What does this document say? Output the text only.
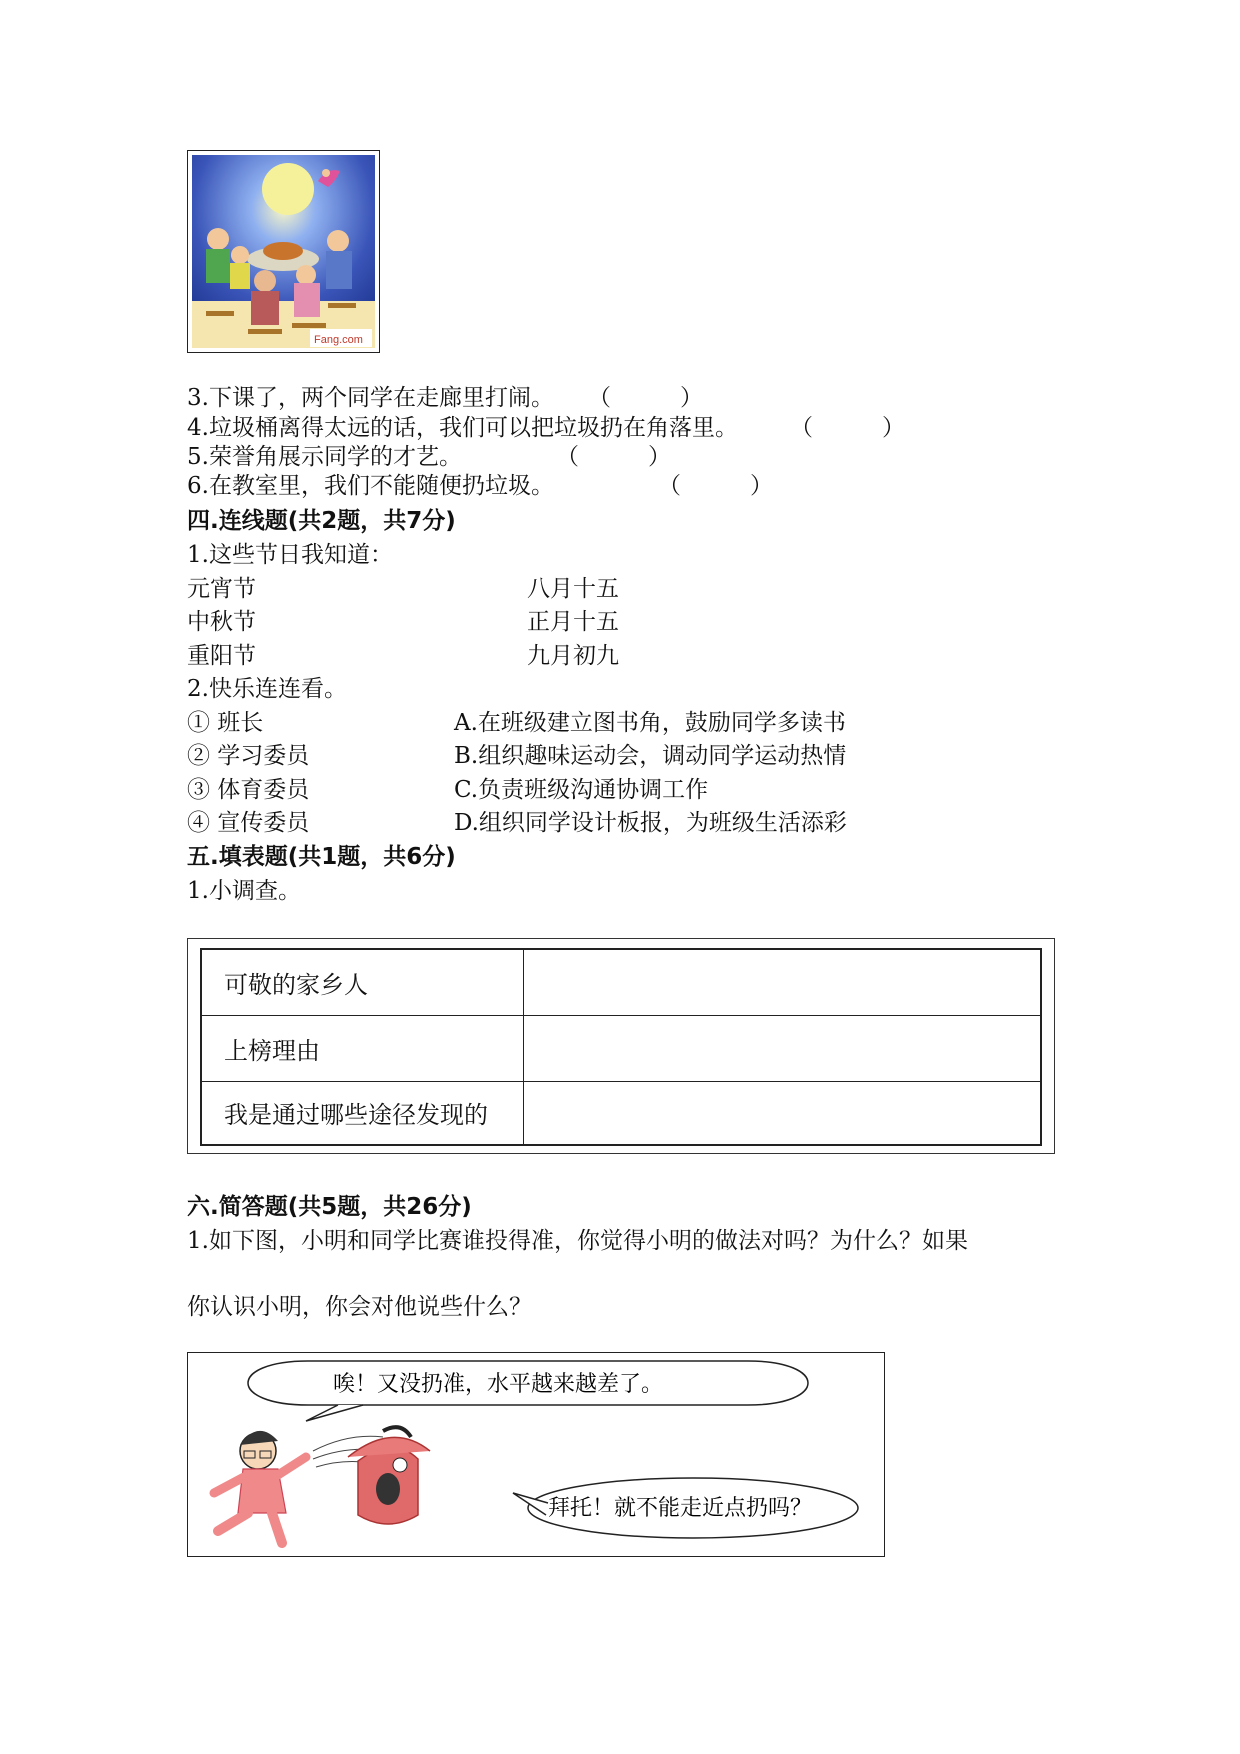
Fang.com
3.下课了，两个同学在走廊里打闹。 （　　　）
4.垃圾桶离得太远的话，我们可以把垃圾扔在角落里。 （　　　）
5.荣誉角展示同学的才艺。	（　　　）
6.在教室里，我们不能随便扔垃圾。	（　　　）
四.连线题(共2题，共7分)
1.这些节日我知道：
元宵节	八月十五
中秋节	正月十五
重阳节	九月初九
2.快乐连连看。
① 班长	A.在班级建立图书角，鼓励同学多读书
② 学习委员	B.组织趣味运动会，调动同学运动热情
③ 体育委员	C.负责班级沟通协调工作
④ 宣传委员	D.组织同学设计板报，为班级生活添彩
五.填表题(共1题，共6分)
1.小调查。
可敬的家乡人	
上榜理由	
我是通过哪些途径发现的	
六.简答题(共5题，共26分)
1.如下图，小明和同学比赛谁投得准，你觉得小明的做法对吗？为什么？如果
你认识小明，你会对他说些什么？
唉！又没扔准，水平越来越差了。
拜托！就不能走近点扔吗？
